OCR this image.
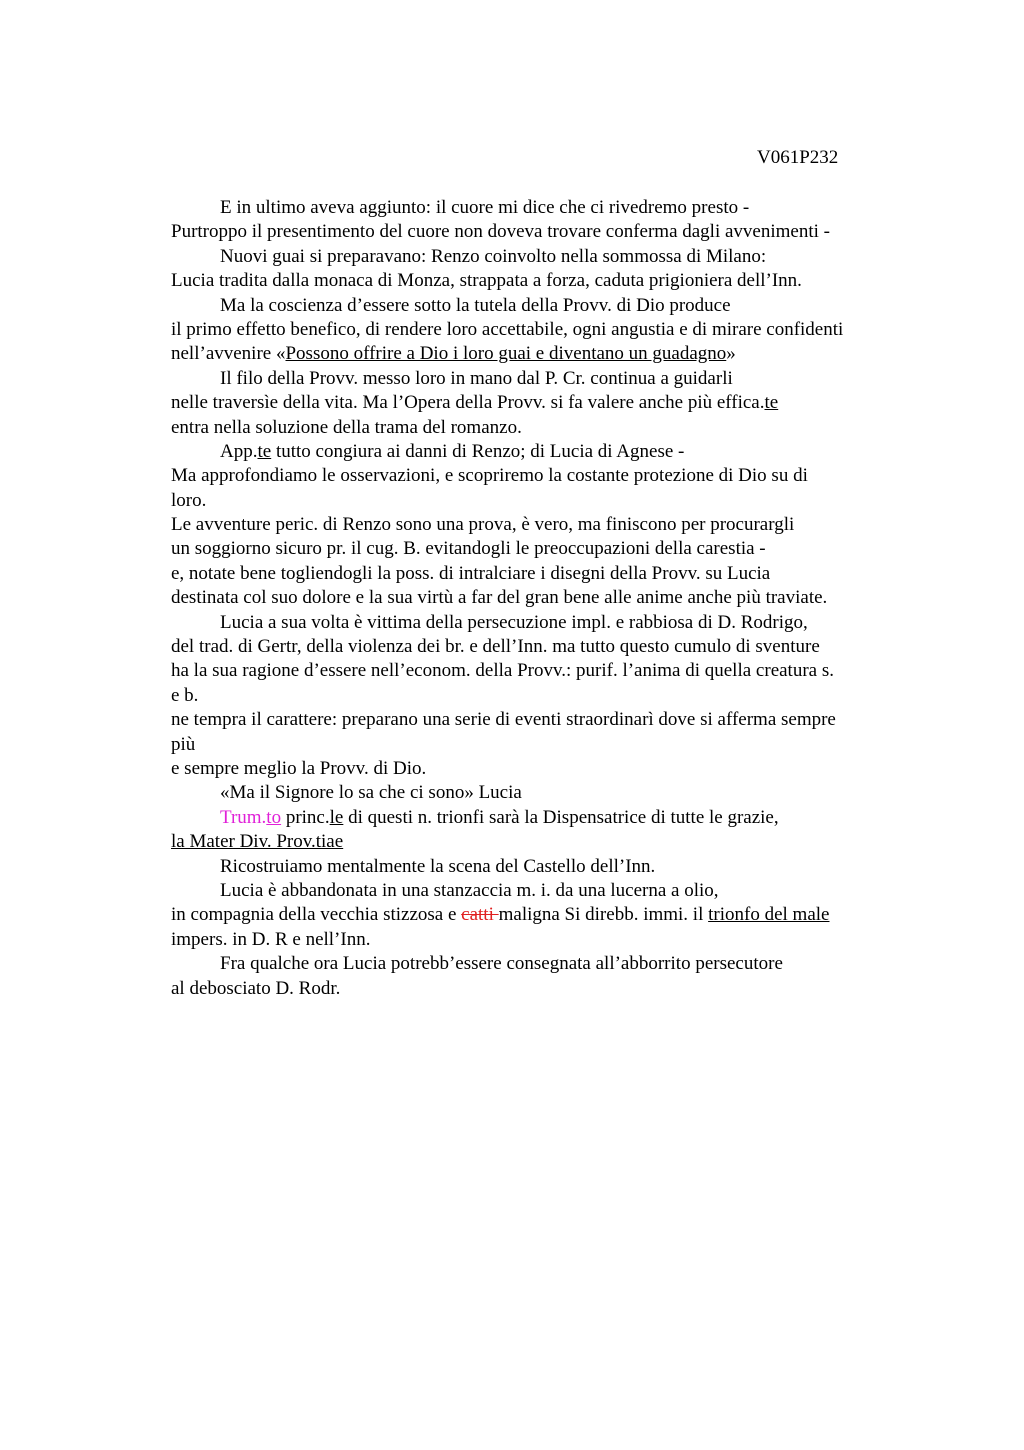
V061P232
E in ultimo aveva aggiunto: il cuore mi dice che ci rivedremo presto -
Purtroppo il presentimento del cuore non doveva trovare conferma dagli avvenimenti -
Nuovi guai si preparavano: Renzo coinvolto nella sommossa di Milano:
Lucia tradita dalla monaca di Monza, strappata a forza, caduta prigioniera dell’Inn.
Ma la coscienza d’essere sotto la tutela della Provv. di Dio produce
il primo effetto benefico, di rendere loro accettabile, ogni angustia e di mirare confidenti
nell’avvenire «Possono offrire a Dio i loro guai e diventano un guadagno»
Il filo della Provv. messo loro in mano dal P. Cr. continua a guidarli
nelle traversìe della vita. Ma l’Opera della Provv. si fa valere anche più effica.te
entra nella soluzione della trama del romanzo.
App.te tutto congiura ai danni di Renzo; di Lucia di Agnese -
Ma approfondiamo le osservazioni, e scopriremo la costante protezione di Dio su di
loro.
Le avventure peric. di Renzo sono una prova, è vero, ma finiscono per procurargli
un soggiorno sicuro pr. il cug. B. evitandogli le preoccupazioni della carestia -
e, notate bene togliendogli la poss. di intralciare i disegni della Provv. su Lucia
destinata col suo dolore e la sua virtù a far del gran bene alle anime anche più traviate.
Lucia a sua volta è vittima della persecuzione impl. e rabbiosa di D. Rodrigo,
del trad. di Gertr, della violenza dei br. e dell’Inn. ma tutto questo cumulo di sventure
ha la sua ragione d’essere nell’econom. della Provv.: purif. l’anima di quella creatura s.
e b.
ne tempra il carattere: preparano una serie di eventi straordinarì dove si afferma sempre
più
e sempre meglio la Provv. di Dio.
«Ma il Signore lo sa che ci sono» Lucia
Trum.to princ.le di questi n. trionfi sarà la Dispensatrice di tutte le grazie,
la Mater Div. Prov.tiae
Ricostruiamo mentalmente la scena del Castello dell’Inn.
Lucia è abbandonata in una stanzaccia m. i. da una lucerna a olio,
in compagnia della vecchia stizzosa e catti maligna Si direbb. immi. il trionfo del male
impers. in D. R e nell’Inn.
Fra qualche ora Lucia potrebb’essere consegnata all’abborrito persecutore
al debosciato D. Rodr.
